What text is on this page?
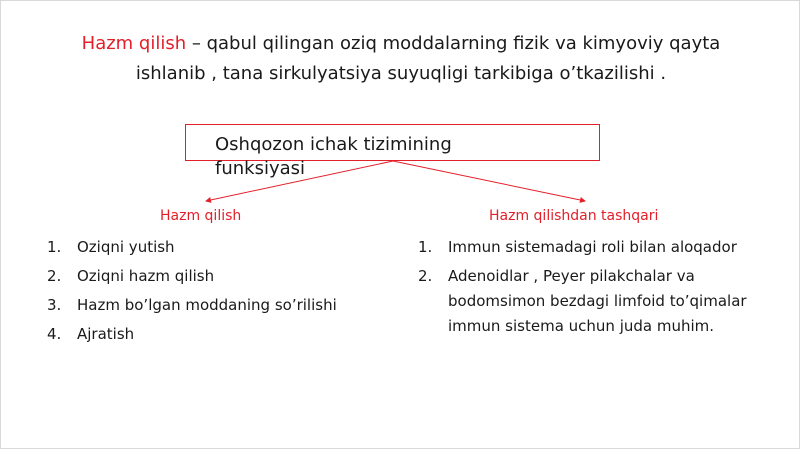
Hazm qilish – qabul qilingan oziq moddalarning fizik va kimyoviy qayta ishlanib , tana sirkulyatsiya suyuqligi tarkibiga o’tkazilishi .
Oshqozon ichak tizimining funksiyasi
Hazm qilish	Hazm qilishdan tashqari
1. Oziqni yutish
2. Oziqni hazm qilish
3. Hazm bo’lgan moddaning so’rilishi
4. Ajratish
1. Immun sistemadagi roli bilan aloqador
2. Adenoidlar , Peyer pilakchalar va bodomsimon bezdagi limfoid to’qimalar immun sistema uchun juda muhim.
